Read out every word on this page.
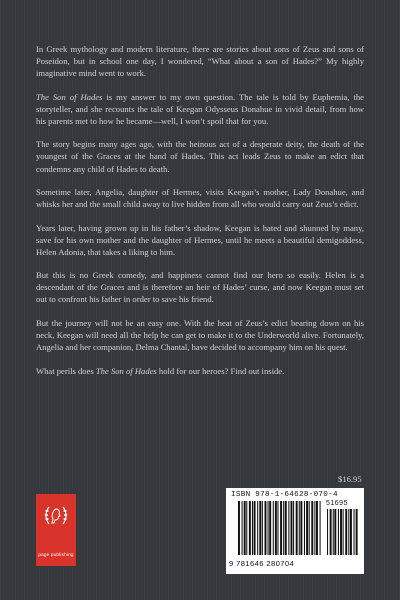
In Greek mythology and modern literature, there are stories about sons of Zeus and sons of Poseidon, but in school one day, I wondered, “What about a son of Hades?” My highly imaginative mind went to work.

The Son of Hades is my answer to my own question. The tale is told by Euphemia, the storyteller, and she recounts the tale of Keegan Odysseus Donahue in vivid detail, from how his parents met to how he became—well, I won’t spoil that for you.

The story begins many ages ago, with the heinous act of a desperate deity, the death of the youngest of the Graces at the hand of Hades. This act leads Zeus to make an edict that condemns any child of Hades to death.

Sometime later, Angelia, daughter of Hermes, visits Keegan’s mother, Lady Donahue, and whisks her and the small child away to live hidden from all who would carry out Zeus’s edict.

Years later, having grown up in his father’s shadow, Keegan is hated and shunned by many, save for his own mother and the daughter of Hermes, until he meets a beautiful demigoddess, Helen Adonia, that takes a liking to him.

But this is no Greek comedy, and happiness cannot find our hero so easily. Helen is a descendant of the Graces and is therefore an heir of Hades’ curse, and now Keegan must set out to confront his father in order to save his friend.

But the journey will not be an easy one. With the heat of Zeus’s edict bearing down on his neck, Keegan will need all the help he can get to make it to the Underworld alive. Fortunately, Angelia and her companion, Delma Chantal, have decided to accompany him on his quest.

What perils does The Son of Hades hold for our heroes? Find out inside.

$16.95
ISBN 978-1-64628-070-4
51695
9 781646 280704
page publishing
